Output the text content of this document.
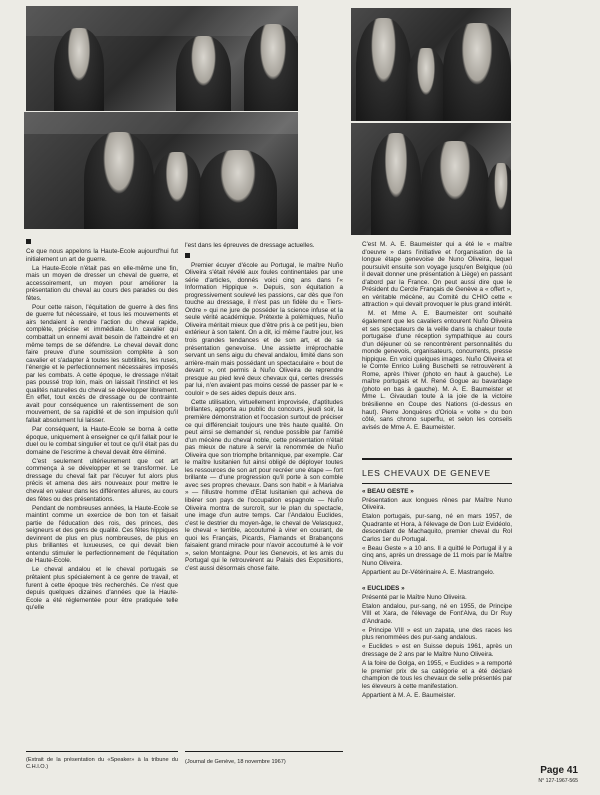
Ce que nous appelons la Haute-Ecole aujourd'hui fut initialement un art de guerre.

La Haute-Ecole n'était pas en elle-même une fin, mais un moyen de dresser un cheval de guerre, et accessoirement, un moyen pour améliorer la présentation du cheval au cours des parades ou des fêtes.

Pour cette raison, l'équitation de guerre à des fins de guerre fut nécessaire, et tous les mouvements et airs tendaient à rendre l'action du cheval rapide, complète, précise et immédiate. Un cavalier qui combattait un ennemi avait besoin de l'atteindre et en même temps de se défendre. Le cheval devait donc faire preuve d'une soumission complète à son cavalier et s'adapter à toutes les subtilités, les ruses, l'énergie et le perfectionnement nécessaires imposés par les combats. A cette époque, le dressage n'était pas poussé trop loin, mais on laissait l'instinct et les qualités naturelles du cheval se développer librement. En effet, tout excès de dressage ou de contrainte avait pour conséquence un ralentissement de son mouvement, de sa rapidité et de son impulsion qu'il fallait absolument lui laisser.

Par conséquent, la Haute-Ecole se borna à cette époque, uniquement à enseigner ce qu'il fallait pour le duel ou le combat singulier et tout ce qu'il était pas du domaine de l'escrime à cheval devait être éliminé.

C'est seulement ultérieurement que cet art commença à se développer et se transformer. Le dressage du cheval fait par l'écuyer fut alors plus précis et amena des airs nouveaux pour mettre le cheval en valeur dans les différentes allures, au cours des fêtes ou des présentations.

Pendant de nombreuses années, la Haute-Ecole se maintint comme un exercice de bon ton et faisait partie de l'éducation des rois, des princes, des seigneurs et des gens de qualité. Ces fêtes hippiques devinrent de plus en plus nombreuses, de plus en plus brillantes et luxueuses, ce qui devait bien entendu stimuler le perfectionnement de l'équitation de Haute-Ecole.

Le cheval andalou et le cheval portugais se prêtaient plus spécialement à ce genre de travail, et furent à cette époque très recherchés. Ce n'est que depuis quelques dizaines d'années que la Haute-Ecole a été réglementée pour être pratiquée telle qu'elle

(Extrait de la présentation du «Speaker» à la tribune du C.H.I.O.)

l'est dans les épreuves de dressage actuelles.

Premier écuyer d'école au Portugal, le maître Nuño Oliveira s'était révélé aux foules continentales par une série d'articles, donnés voici cinq ans dans l'« Information Hippique ». Depuis, son équitation a progressivement soulevé les passions, car dès que l'on touche au dressage, il n'est pas un fidèle du « Tiers-Ordre » qui ne jure de posséder la science infuse et la seule vérité académique. Prétexte à polémiques, Nuño Oliveira méritait mieux que d'être pris à ce petit jeu, bien extérieur à son talent. On a dit, ici même l'autre jour, les trois grandes tendances et de son art, et de sa présentation genevoise. Une assiette irréprochable servant un sens aigu du cheval andalou, limité dans son arrière-main mais possédant un spectaculaire « bout de devant », ont permis à Nuño Oliveira de reprendre presque au pied levé deux chevaux qui, certes dressés par lui, n'en avaient pas moins cessé de passer par le « couloir » de ses aides depuis deux ans.

Cette utilisation, virtuellement improvisée, d'aptitudes brillantes, apporta au public du concours, jeudi soir, la première démonstration et l'occasion surtout de préciser ce qui différenciait toujours une très haute qualité. On peut ainsi se demander si, rendue possible par l'amitié d'un mécène du cheval noble, cette présentation n'était pas mieux de nature à servir la renommée de Nuño Oliveira que son triomphe britannique, par exemple. Car le maître lusitanien fut ainsi obligé de déployer toutes les ressources de son art pour recréer une étape — fort brillante — d'une progression qu'il porte à son comble avec ses propres chevaux. Dans son habit « à Marialva » — l'illustre homme d'Etat lusitanien qui acheva de libérer son pays de l'occupation espagnole — Nuño Oliveira montra de surcroît, sur le plan du spectacle, une image d'un autre temps. Car l'Andalou Euclides, c'est le destrier du moyen-âge, le cheval de Velasquez, le cheval « terrible, accoutumé à virer en courant, de quoi les Français, Picards, Flamands et Brabançons faisaient grand miracle pour n'avoir accoutumé à le voir », selon Montaigne. Pour les Genevois, et les amis du Portugal qui le retrouvèrent au Palais des Expositions, c'est aussi désormais chose faite.

(Journal de Genève, 18 novembre 1967)

C'est M. A. E. Baumeister qui a été le « maître d'oeuvre » dans l'initiative et l'organisation de la longue étape genevoise de Nuno Oliveira, lequel poursuivit ensuite son voyage jusqu'en Belgique (où il devait donner une présentation à Liège) en passant d'abord par la France. On peut aussi dire que le Président du Cercle Français de Genève a « offert », en véritable mécène, au Comité du CHIO cette « attraction » qui devait provoquer le plus grand intérêt.

M. et Mme A. E. Baumeister ont souhaité également que les cavaliers entourent Nuño Oliveira et ses spectateurs de la veille dans la chaleur toute portugaise d'une réception sympathique au cours d'un déjeuner où se rencontrèrent personnalités du monde genevois, organisateurs, concurrents, presse hippique. En voici quelques images. Nuño Oliveira et le Comte Enrico Luling Buschetti se retrouvèrent à Rome, après l'hiver (photo en haut à gauche). Le maître portugais et M. René Gogue au bavardage (photo en bas à gauche). M. A. E. Baumeister et Mme L. Givaudan toute à la joie de la victoire brésilienne en Coupe des Nations (ci-dessus en haut). Pierre Jonquères d'Oriola « volte » du bon côté, sans chrono superflu, et selon les conseils avisés de Mme A. E. Baumeister.

LES CHEVAUX DE GENEVE

« BEAU GESTE »

Présentation aux longues rênes par Maître Nuno Oliveira.

Etalon portugais, pur-sang, né en mars 1957, de Quadrante et Hora, à l'élevage de Don Luiz Evidéolo, descendant de Machaquito, premier cheval du Rol Carlos 1er du Portugal.

« Beau Geste » a 10 ans. Il a quitté le Portugal il y a cinq ans, après un dressage de 11 mois par le Maître Nuno Oliveira.

Appartient au Dr-Vétérinaire A. E. Mastrangelo.

« EUCLIDES »

Présenté par le Maître Nuno Oliveira.

Etalon andalou, pur-sang, né en 1955, de Principe VIII et Xara, de l'élevage de Font'Alva, du Dr Ruy d'Andrade.

« Principe VIII » est un zapata, une des races les plus renommées des pur-sang andalous.

« Euclides » est en Suisse depuis 1961, après un dressage de 2 ans par le Maître Nuno Oliveira.

A la foire de Golga, en 1955, « Euclides » a remporté le premier prix de sa catégorie et a été déclaré champion de tous les chevaux de selle présentés par les éleveurs à cette manifestation.

Appartient à M. A. E. Baumeister.

Page 41
N° 127-1967-565
